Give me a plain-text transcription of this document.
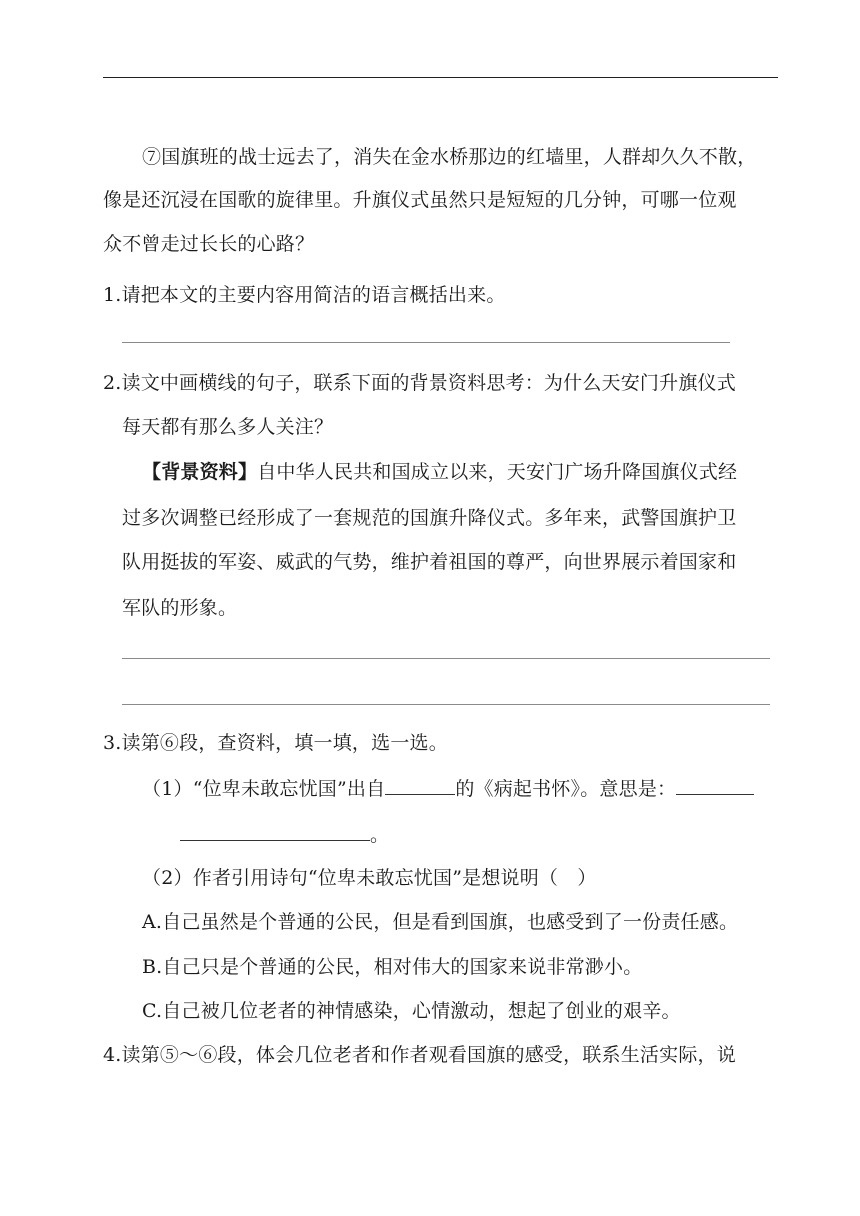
⑦国旗班的战士远去了，消失在金水桥那边的红墙里，人群却久久不散，
像是还沉浸在国歌的旋律里。升旗仪式虽然只是短短的几分钟，可哪一位观
众不曾走过长长的心路？
1.请把本文的主要内容用简洁的语言概括出来。
2.读文中画横线的句子，联系下面的背景资料思考：为什么天安门升旗仪式
每天都有那么多人关注？
【背景资料】自中华人民共和国成立以来，天安门广场升降国旗仪式经
过多次调整已经形成了一套规范的国旗升降仪式。多年来，武警国旗护卫
队用挺拔的军姿、威武的气势，维护着祖国的尊严，向世界展示着国家和
军队的形象。
3.读第⑥段，查资料，填一填，选一选。
（1）“位卑未敢忘忧国”出自	的《病起书怀》。意思是：
。
（2）作者引用诗句“位卑未敢忘忧国”是想说明（　）
A.自己虽然是个普通的公民，但是看到国旗，也感受到了一份责任感。
B.自己只是个普通的公民，相对伟大的国家来说非常渺小。
C.自己被几位老者的神情感染，心情激动，想起了创业的艰辛。
4.读第⑤～⑥段，体会几位老者和作者观看国旗的感受，联系生活实际，说
